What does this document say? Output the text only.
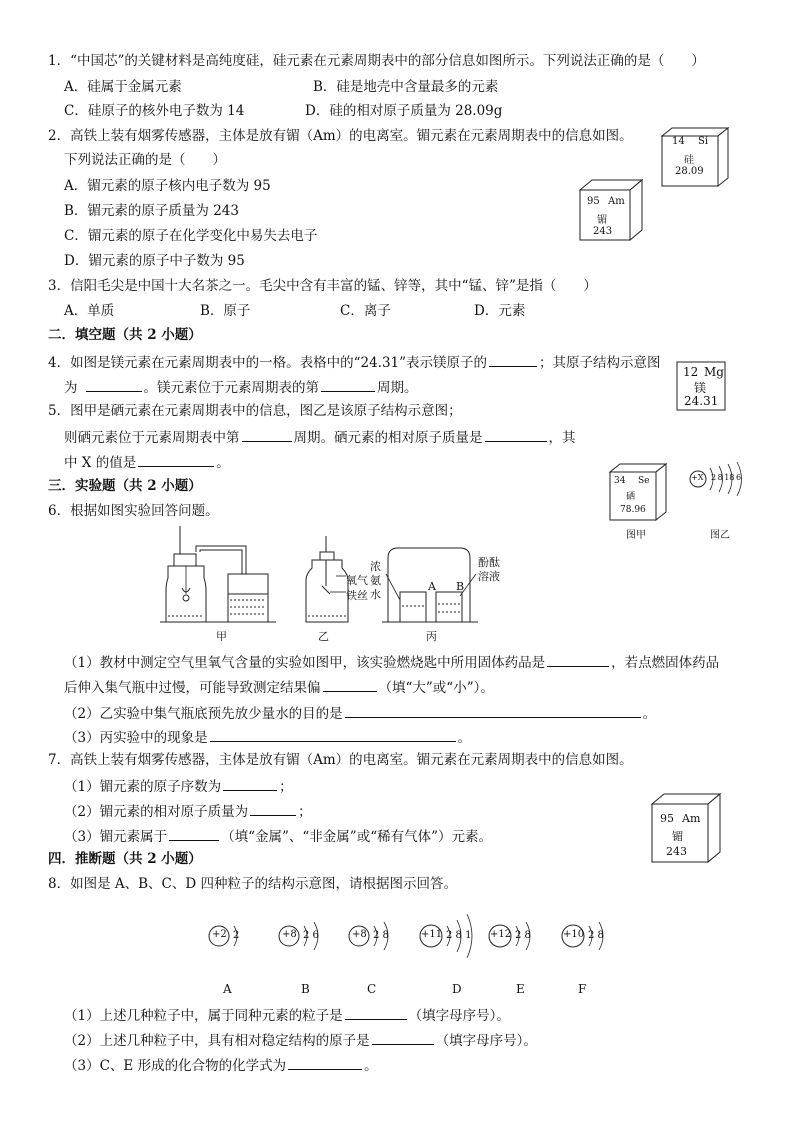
1．“中国芯”的关键材料是高纯度硅，硅元素在元素周期表中的部分信息如图所示。下列说法正确的是（　　）
A．硅属于金属元素	B．硅是地壳中含量最多的元素
C．硅原子的核外电子数为 14	D．硅的相对原子质量为 28.09g
14 Si
硅
28.09
2．高铁上装有烟雾传感器，主体是放有镅（Am）的电离室。镅元素在元素周期表中的信息如图。
下列说法正确的是（　　）
A．镅元素的原子核内电子数为 95
B．镅元素的原子质量为 243
C．镅元素的原子在化学变化中易失去电子
D．镅元素的原子中子数为 95
95 Am
镅
243
3．信阳毛尖是中国十大名茶之一。毛尖中含有丰富的锰、锌等，其中“锰、锌”是指（　　）
A．单质	B．原子	C．离子	D．元素
二．填空题（共 2 小题）
4．如图是镁元素在元素周期表中的一格。表格中的“24.31”表示镁原子的	；其原子结构示意图
为	。镁元素位于元素周期表的第	周期。
12 Mg
镁
24.31
5．图甲是硒元素在元素周期表中的信息，图乙是该原子结构示意图；
则硒元素位于元素周期表中第	周期。硒元素的相对原子质量是	，其
中 X 的值是	。
34 Se
硒
78.96
图甲
+X 2 8 18 6
图乙
三．实验题（共 2 小题）
6．根据如图实验回答问题。
氧气
铁丝
浓
氨
水
酚酞
溶液
A B
甲	乙	丙
（1）教材中测定空气里氧气含量的实验如图甲，该实验燃烧匙中所用固体药品是	，若点燃固体药品
后伸入集气瓶中过慢，可能导致测定结果偏	（填“大”或“小”）。
（2）乙实验中集气瓶底预先放少量水的目的是	。
（3）丙实验中的现象是	。
7．高铁上装有烟雾传感器，主体是放有镅（Am）的电离室。镅元素在元素周期表中的信息如图。
（1）镅元素的原子序数为	；
（2）镅元素的相对原子质量为	；
（3）镅元素属于	（填“金属”、“非金属”或“稀有气体”）元素。
95 Am
镅
243
四．推断题（共 2 小题）
8．如图是 A、B、C、D 四种粒子的结构示意图，请根据图示回答。
+2 2	+8 2 6	+8 2 8	+11 2 8 1 +12 2 8	+10 2 8
A	B	C	D	E	F
（1）上述几种粒子中，属于同种元素的粒子是	（填字母序号）。
（2）上述几种粒子中，具有相对稳定结构的原子是	（填字母序号）。
（3）C、E 形成的化合物的化学式为	。
